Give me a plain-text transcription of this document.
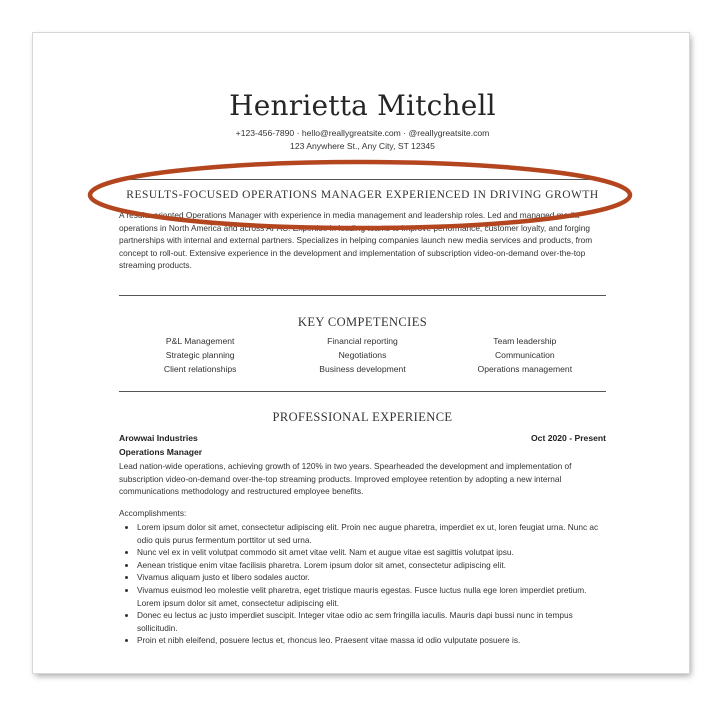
Henrietta Mitchell
+123-456-7890 · hello@reallygreatsite.com · @reallygreatsite.com
123 Anywhere St., Any City, ST 12345
RESULTS-FOCUSED OPERATIONS MANAGER EXPERIENCED IN DRIVING GROWTH
A results-oriented Operations Manager with experience in media management and leadership roles. Led and managed media operations in North America and across APAC. Expertise in leading teams to improve performance, customer loyalty, and forging partnerships with internal and external partners. Specializes in helping companies launch new media services and products, from concept to roll-out. Extensive experience in the development and implementation of subscription video-on-demand over-the-top streaming products.
KEY COMPETENCIES
P&L Management	Financial reporting	Team leadership
Strategic planning	Negotiations	Communication
Client relationships	Business development	Operations management
PROFESSIONAL EXPERIENCE
Arowwai Industries	Oct 2020 - Present
Operations Manager
Lead nation-wide operations, achieving growth of 120% in two years. Spearheaded the development and implementation of subscription video-on-demand over-the-top streaming products. Improved employee retention by adopting a new internal communications methodology and restructured employee benefits.
Accomplishments:
• Lorem ipsum dolor sit amet, consectetur adipiscing elit. Proin nec augue pharetra, imperdiet ex ut, loren feugiat urna. Nunc ac odio quis purus fermentum porttitor ut sed urna.
• Nunc vel ex in velit volutpat commodo sit amet vitae velit. Nam et augue vitae est sagittis volutpat ipsu.
• Aenean tristique enim vitae facilisis pharetra. Lorem ipsum dolor sit amet, consectetur adipiscing elit.
• Vivamus aliquam justo et libero sodales auctor.
• Vivamus euismod leo molestie velit pharetra, eget tristique mauris egestas. Fusce luctus nulla ege loren imperdiet pretium. Lorem ipsum dolor sit amet, consectetur adipiscing elit.
• Donec eu lectus ac justo imperdiet suscipit. Integer vitae odio ac sem fringilla iaculis. Mauris dapi bussi nunc in tempus sollicitudin.
• Proin et nibh eleifend, posuere lectus et, rhoncus leo. Praesent vitae massa id odio vulputate posuere is.
